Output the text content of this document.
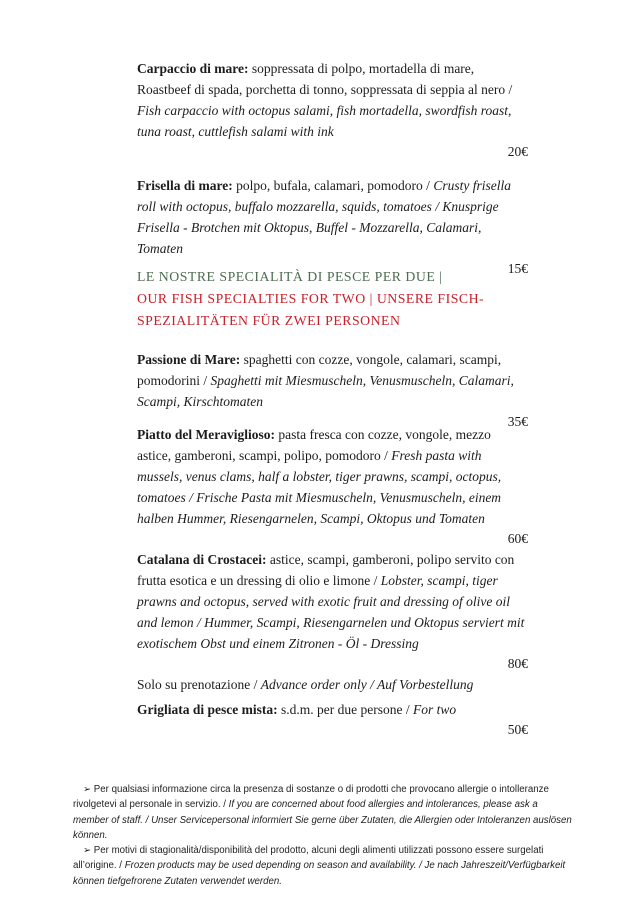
Carpaccio di mare: soppressata di polpo, mortadella di mare, Roastbeef di spada, porchetta di tonno, soppressata di seppia al nero / Fish carpaccio with octopus salami, fish mortadella, swordfish roast, tuna roast, cuttlefish salami with ink

20€

Frisella di mare: polpo, bufala, calamari, pomodoro / Crusty frisella roll with octopus, buffalo mozzarella, squids, tomatoes / Knusprige Frisella - Brotchen mit Oktopus, Buffel - Mozzarella, Calamari, Tomaten

15€

LE NOSTRE SPECIALITÀ DI PESCE PER DUE |
OUR FISH SPECIALTIES FOR TWO | UNSERE FISCH-
SPEZIALITÄTEN FÜR ZWEI PERSONEN

Passione di Mare: spaghetti con cozze, vongole, calamari, scampi, pomodorini / Spaghetti mit Miesmuscheln, Venusmuscheln, Calamari, Scampi, Kirschtomaten

35€

Piatto del Meraviglioso: pasta fresca con cozze, vongole, mezzo astice, gamberoni, scampi, polipo, pomodoro / Fresh pasta with mussels, venus clams, half a lobster, tiger prawns, scampi, octopus, tomatoes / Frische Pasta mit Miesmuscheln, Venusmuscheln, einem halben Hummer, Riesengarnelen, Scampi, Oktopus und Tomaten

60€

Catalana di Crostacei: astice, scampi, gamberoni, polipo servito con frutta esotica e un dressing di olio e limone / Lobster, scampi, tiger prawns and octopus, served with exotic fruit and dressing of olive oil and lemon / Hummer, Scampi, Riesengarnelen und Oktopus serviert mit exotischem Obst und einem Zitronen - Öl - Dressing

80€

Solo su prenotazione / Advance order only / Auf Vorbestellung

Grigliata di pesce mista: s.d.m. per due persone / For two

50€

➢ Per qualsiasi informazione circa la presenza di sostanze o di prodotti che provocano allergie o intolleranze rivolgetevi al personale in servizio. / If you are concerned about food allergies and intolerances, please ask a member of staff. / Unser Servicepersonal informiert Sie gerne über Zutaten, die Allergien oder Intoleranzen auslösen können.

➢ Per motivi di stagionalità/disponibilità del prodotto, alcuni degli alimenti utilizzati possono essere surgelati all’origine. / Frozen products may be used depending on season and availability. / Je nach Jahreszeit/Verfügbarkeit können tiefgefrorene Zutaten verwendet werden.
